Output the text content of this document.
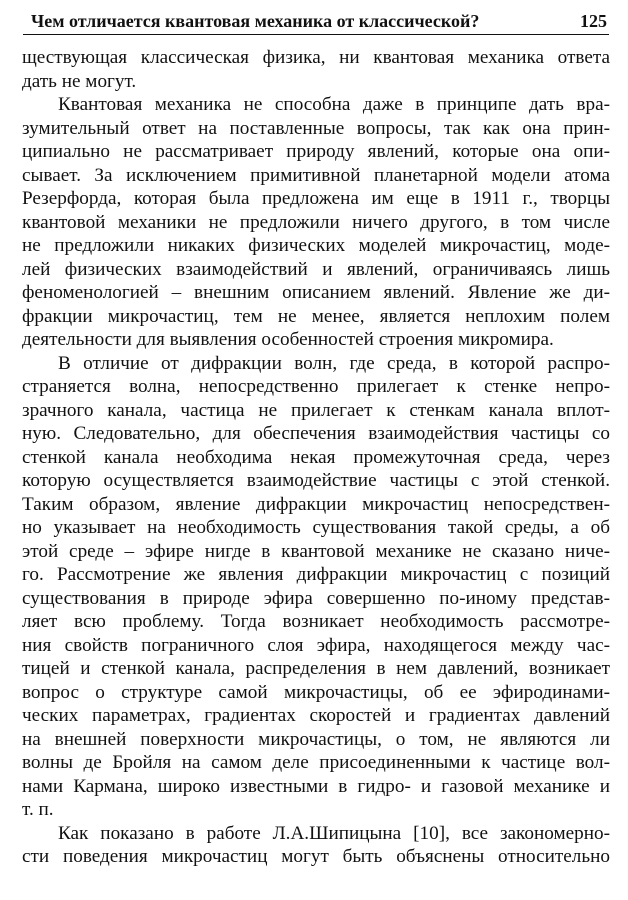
Чем отличается квантовая механика от классической?	125
ществующая классическая физика, ни квантовая механика ответа
дать не могут.
Квантовая механика не способна даже в принципе дать вра-
зумительный ответ на поставленные вопросы, так как она прин-
ципиально не рассматривает природу явлений, которые она опи-
сывает. За исключением примитивной планетарной модели атома
Резерфорда, которая была предложена им еще в 1911 г., творцы
квантовой механики не предложили ничего другого, в том числе
не предложили никаких физических моделей микрочастиц, моде-
лей физических взаимодействий и явлений, ограничиваясь лишь
феноменологией – внешним описанием явлений. Явление же ди-
фракции микрочастиц, тем не менее, является неплохим полем
деятельности для выявления особенностей строения микромира.
В отличие от дифракции волн, где среда, в которой распро-
страняется волна, непосредственно прилегает к стенке непро-
зрачного канала, частица не прилегает к стенкам канала вплот-
ную. Следовательно, для обеспечения взаимодействия частицы со
стенкой канала необходима некая промежуточная среда, через
которую осуществляется взаимодействие частицы с этой стенкой.
Таким образом, явление дифракции микрочастиц непосредствен-
но указывает на необходимость существования такой среды, а об
этой среде – эфире нигде в квантовой механике не сказано ниче-
го. Рассмотрение же явления дифракции микрочастиц с позиций
существования в природе эфира совершенно по-иному представ-
ляет всю проблему. Тогда возникает необходимость рассмотре-
ния свойств пограничного слоя эфира, находящегося между час-
тицей и стенкой канала, распределения в нем давлений, возникает
вопрос о структуре самой микрочастицы, об ее эфиродинами-
ческих параметрах, градиентах скоростей и градиентах давлений
на внешней поверхности микрочастицы, о том, не являются ли
волны де Бройля на самом деле присоединенными к частице вол-
нами Кармана, широко известными в гидро- и газовой механике и
т. п.
Как показано в работе Л.А.Шипицына [10], все закономерно-
сти поведения микрочастиц могут быть объяснены относительно
